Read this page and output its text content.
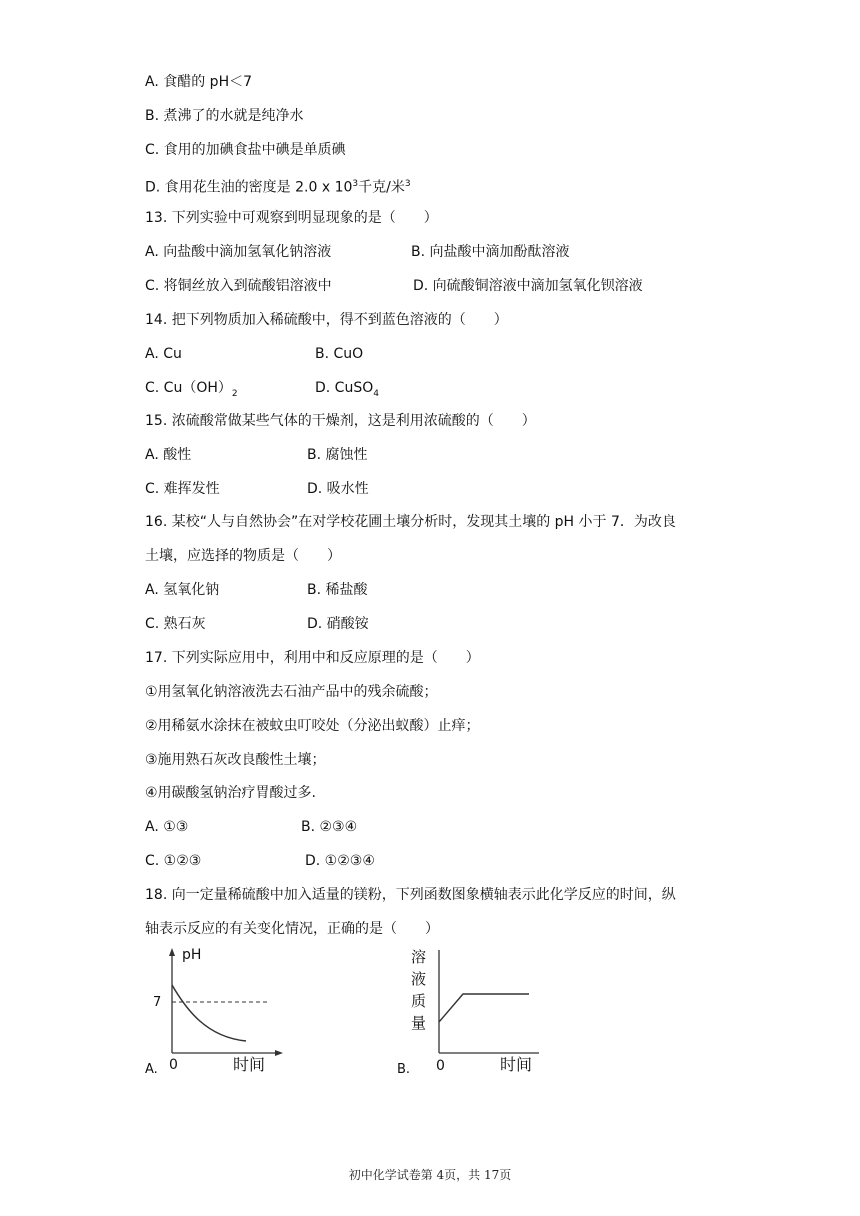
A. 食醋的 pH＜7
B. 煮沸了的水就是纯净水
C. 食用的加碘食盐中碘是单质碘
D. 食用花生油的密度是 2.0 x $10^3$千克/米$^3$
13. 下列实验中可观察到明显现象的是（　　）
A. 向盐酸中滴加氢氧化钠溶液	B. 向盐酸中滴加酚酞溶液
C. 将铜丝放入到硫酸铝溶液中	D. 向硫酸铜溶液中滴加氢氧化钡溶液
14. 把下列物质加入稀硫酸中，得不到蓝色溶液的（　　）
A. Cu	B. CuO
C. $Cu(OH)_2$	D. CuSO$_4$
15. 浓硫酸常做某些气体的干燥剂，这是利用浓硫酸的（　　）
A. 酸性	B. 腐蚀性
C. 难挥发性	D. 吸水性
16. 某校“人与自然协会”在对学校花圃土壤分析时，发现其土壤的 pH 小于 7．为改良
土壤，应选择的物质是（　　）
A. 氢氧化钠	B. 稀盐酸
C. 熟石灰	D. 硝酸铵
17. 下列实际应用中，利用中和反应原理的是（　　）
①用氢氧化钠溶液洗去石油产品中的残余硫酸；
②用稀氨水涂抹在被蚊虫叮咬处（分泌出蚁酸）止痒；
③施用熟石灰改良酸性土壤；
④用碳酸氢钠治疗胃酸过多.
A. ①③	B. ②③④
C. ①②③	D. ①②③④
18. 向一定量稀硫酸中加入适量的镁粉，下列函数图象横轴表示此化学反应的时间，纵
轴表示反应的有关变化情况，正确的是（　　）
A.
pH
7
0	时间	B.
溶
液
质
量
0	时间
初中化学试卷第 4页，共 17页
